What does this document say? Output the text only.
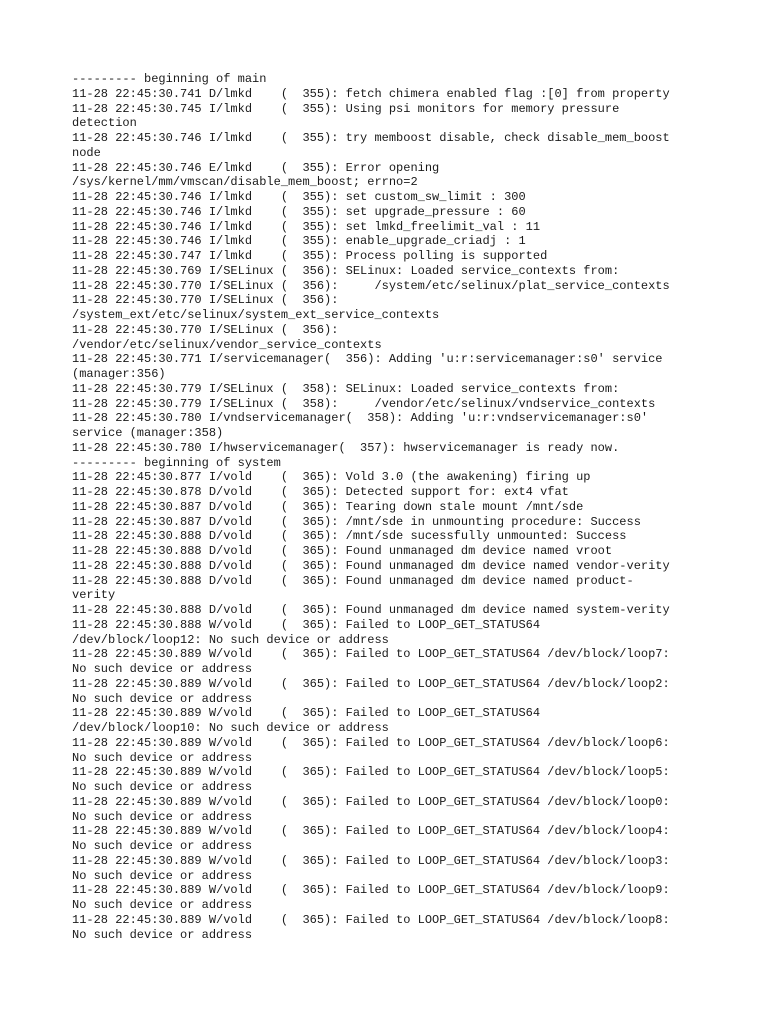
--------- beginning of main
11-28 22:45:30.741 D/lmkd    (  355): fetch chimera enabled flag :[0] from property
11-28 22:45:30.745 I/lmkd    (  355): Using psi monitors for memory pressure
detection
11-28 22:45:30.746 I/lmkd    (  355): try memboost disable, check disable_mem_boost
node
11-28 22:45:30.746 E/lmkd    (  355): Error opening
/sys/kernel/mm/vmscan/disable_mem_boost; errno=2
11-28 22:45:30.746 I/lmkd    (  355): set custom_sw_limit : 300
11-28 22:45:30.746 I/lmkd    (  355): set upgrade_pressure : 60
11-28 22:45:30.746 I/lmkd    (  355): set lmkd_freelimit_val : 11
11-28 22:45:30.746 I/lmkd    (  355): enable_upgrade_criadj : 1
11-28 22:45:30.747 I/lmkd    (  355): Process polling is supported
11-28 22:45:30.769 I/SELinux (  356): SELinux: Loaded service_contexts from:
11-28 22:45:30.770 I/SELinux (  356):     /system/etc/selinux/plat_service_contexts
11-28 22:45:30.770 I/SELinux (  356):
/system_ext/etc/selinux/system_ext_service_contexts
11-28 22:45:30.770 I/SELinux (  356):
/vendor/etc/selinux/vendor_service_contexts
11-28 22:45:30.771 I/servicemanager(  356): Adding 'u:r:servicemanager:s0' service
(manager:356)
11-28 22:45:30.779 I/SELinux (  358): SELinux: Loaded service_contexts from:
11-28 22:45:30.779 I/SELinux (  358):     /vendor/etc/selinux/vndservice_contexts
11-28 22:45:30.780 I/vndservicemanager(  358): Adding 'u:r:vndservicemanager:s0'
service (manager:358)
11-28 22:45:30.780 I/hwservicemanager(  357): hwservicemanager is ready now.
--------- beginning of system
11-28 22:45:30.877 I/vold    (  365): Vold 3.0 (the awakening) firing up
11-28 22:45:30.878 D/vold    (  365): Detected support for: ext4 vfat
11-28 22:45:30.887 D/vold    (  365): Tearing down stale mount /mnt/sde
11-28 22:45:30.887 D/vold    (  365): /mnt/sde in unmounting procedure: Success
11-28 22:45:30.888 D/vold    (  365): /mnt/sde sucessfully unmounted: Success
11-28 22:45:30.888 D/vold    (  365): Found unmanaged dm device named vroot
11-28 22:45:30.888 D/vold    (  365): Found unmanaged dm device named vendor-verity
11-28 22:45:30.888 D/vold    (  365): Found unmanaged dm device named product-
verity
11-28 22:45:30.888 D/vold    (  365): Found unmanaged dm device named system-verity
11-28 22:45:30.888 W/vold    (  365): Failed to LOOP_GET_STATUS64
/dev/block/loop12: No such device or address
11-28 22:45:30.889 W/vold    (  365): Failed to LOOP_GET_STATUS64 /dev/block/loop7:
No such device or address
11-28 22:45:30.889 W/vold    (  365): Failed to LOOP_GET_STATUS64 /dev/block/loop2:
No such device or address
11-28 22:45:30.889 W/vold    (  365): Failed to LOOP_GET_STATUS64
/dev/block/loop10: No such device or address
11-28 22:45:30.889 W/vold    (  365): Failed to LOOP_GET_STATUS64 /dev/block/loop6:
No such device or address
11-28 22:45:30.889 W/vold    (  365): Failed to LOOP_GET_STATUS64 /dev/block/loop5:
No such device or address
11-28 22:45:30.889 W/vold    (  365): Failed to LOOP_GET_STATUS64 /dev/block/loop0:
No such device or address
11-28 22:45:30.889 W/vold    (  365): Failed to LOOP_GET_STATUS64 /dev/block/loop4:
No such device or address
11-28 22:45:30.889 W/vold    (  365): Failed to LOOP_GET_STATUS64 /dev/block/loop3:
No such device or address
11-28 22:45:30.889 W/vold    (  365): Failed to LOOP_GET_STATUS64 /dev/block/loop9:
No such device or address
11-28 22:45:30.889 W/vold    (  365): Failed to LOOP_GET_STATUS64 /dev/block/loop8:
No such device or address
